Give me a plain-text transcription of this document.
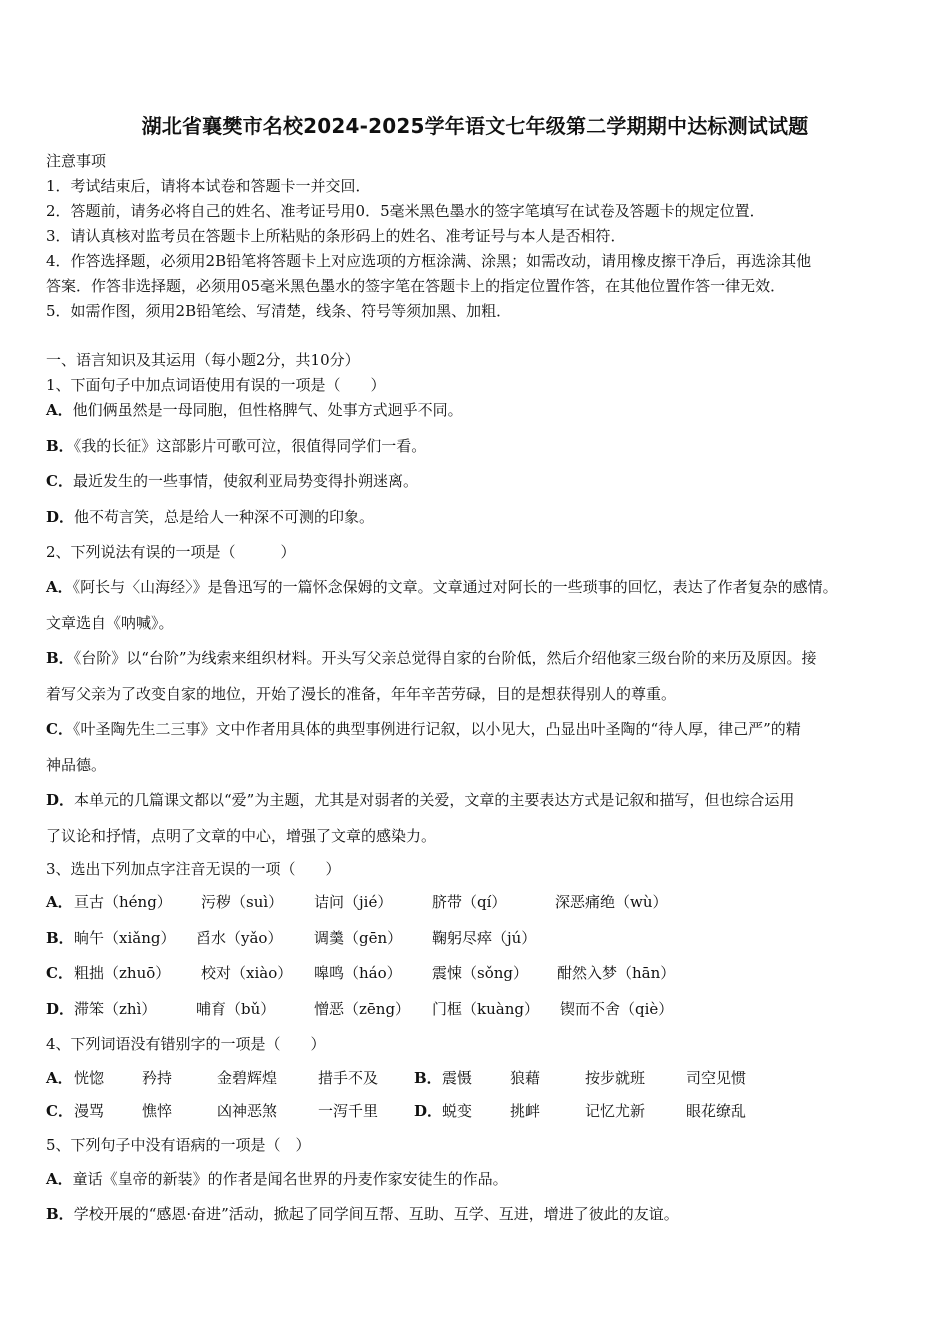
湖北省襄樊市名校2024-2025学年语文七年级第二学期期中达标测试试题
注意事项
1．考试结束后，请将本试卷和答题卡一并交回．
2．答题前，请务必将自己的姓名、准考证号用0．5毫米黑色墨水的签字笔填写在试卷及答题卡的规定位置．
3．请认真核对监考员在答题卡上所粘贴的条形码上的姓名、准考证号与本人是否相符．
4．作答选择题，必须用2B铅笔将答题卡上对应选项的方框涂满、涂黑；如需改动，请用橡皮擦干净后，再选涂其他
答案．作答非选择题，必须用05毫米黑色墨水的签字笔在答题卡上的指定位置作答，在其他位置作答一律无效．
5．如需作图，须用2B铅笔绘、写清楚，线条、符号等须加黑、加粗．
一、语言知识及其运用（每小题2分，共10分）
1、下面句子中加点词语使用有误的一项是（　　）
A．他们俩虽然是一母同胞，但性格脾气、处事方式迥乎不同。
B．《我的长征》这部影片可歌可泣，很值得同学们一看。
C．最近发生的一些事情，使叙利亚局势变得扑朔迷离。
D．他不苟言笑，总是给人一种深不可测的印象。
2、下列说法有误的一项是（　　　）
A．《阿长与〈山海经〉》是鲁迅写的一篇怀念保姆的文章。文章通过对阿长的一些琐事的回忆，表达了作者复杂的感情。
文章选自《呐喊》。
B．《台阶》以“台阶”为线索来组织材料。开头写父亲总觉得自家的台阶低，然后介绍他家三级台阶的来历及原因。接
着写父亲为了改变自家的地位，开始了漫长的准备，年年辛苦劳碌，目的是想获得别人的尊重。
C．《叶圣陶先生二三事》文中作者用具体的典型事例进行记叙，以小见大，凸显出叶圣陶的“待人厚，律己严”的精
神品德。
D．本单元的几篇课文都以“爱”为主题，尤其是对弱者的关爱，文章的主要表达方式是记叙和描写，但也综合运用
了议论和抒情，点明了文章的中心，增强了文章的感染力。
3、选出下列加点字注音无误的一项（　　）
A． 亘古（héng） 污秽（suì） 诘问（jié）	脐带（qí）	深恶痛绝（wù）
B． 晌午（xiǎng） 舀水（yǎo） 调羹（gēn） 鞠躬尽瘁（jú）
C． 粗拙（zhuō） 校对（xiào） 嗥鸣（háo） 震悚（sǒng） 酣然入梦（hān）
D． 滞笨（zhì）	哺育（bǔ）	憎恶（zēng） 门框（kuàng） 锲而不舍（qiè）
4、下列词语没有错别字的一项是（　　）
A． 恍惚	矜持	金碧辉煌	措手不及 B． 震慑	狼藉	按步就班	司空见惯
C． 漫骂	憔悴	凶神恶煞	一泻千里 D． 蜕变	挑衅	记忆尤新	眼花缭乱
5、下列句子中没有语病的一项是（　）
A．童话《皇帝的新装》的作者是闻名世界的丹麦作家安徒生的作品。
B．学校开展的“感恩·奋进”活动，掀起了同学间互帮、互助、互学、互进，增进了彼此的友谊。
